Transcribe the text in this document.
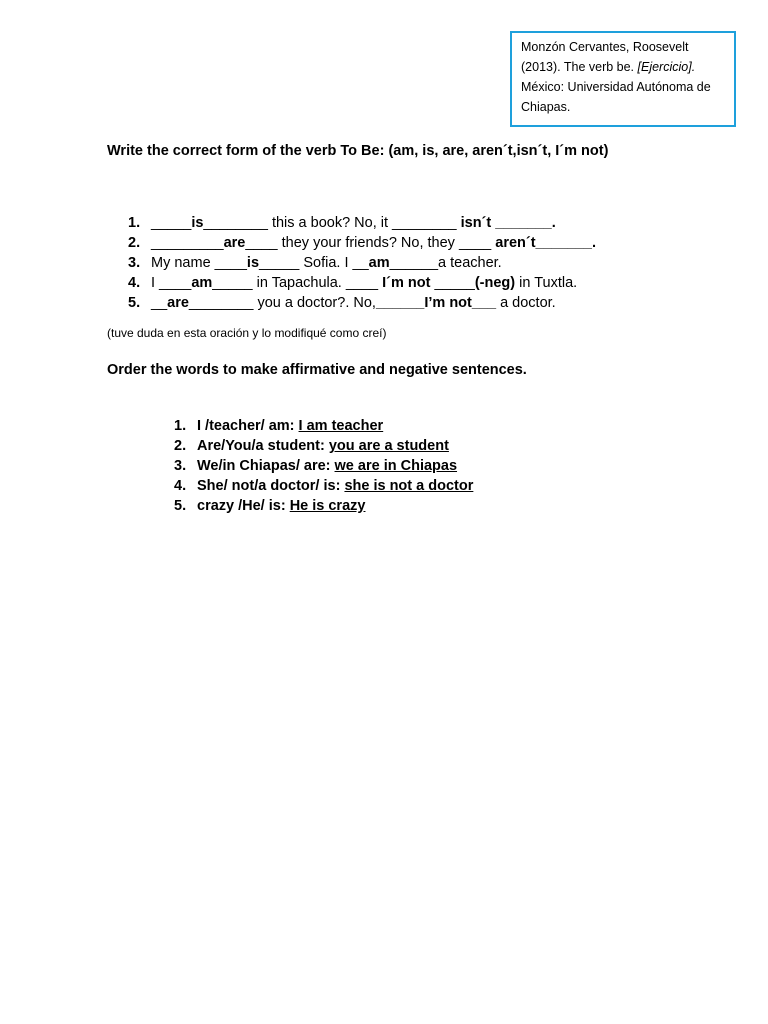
Monzón Cervantes, Roosevelt
(2013). The verb be. [Ejercicio].
México: Universidad Autónoma de
Chiapas.
Write the correct form of the verb To Be: (am, is, are, aren´t,isn´t, I´m not)
1. _____is________ this a book? No, it ________ isn´t _______.
2. _________are____ they your friends? No, they ____ aren´t_______.
3. My name ____is_____ Sofia. I __am______a teacher.
4. I ____am_____ in Tapachula. ____ I´m not _____(-neg) in Tuxtla.
5. __are________ you a doctor?. No,______I’m not___ a doctor.
(tuve duda en esta oración y lo modifiqué como creí)
Order the words to make affirmative and negative sentences.
1. I /teacher/ am: I am teacher
2. Are/You/a student: you are a student
3. We/in Chiapas/ are: we are in Chiapas
4. She/ not/a doctor/ is: she is not a doctor
5. crazy /He/ is: He is crazy
